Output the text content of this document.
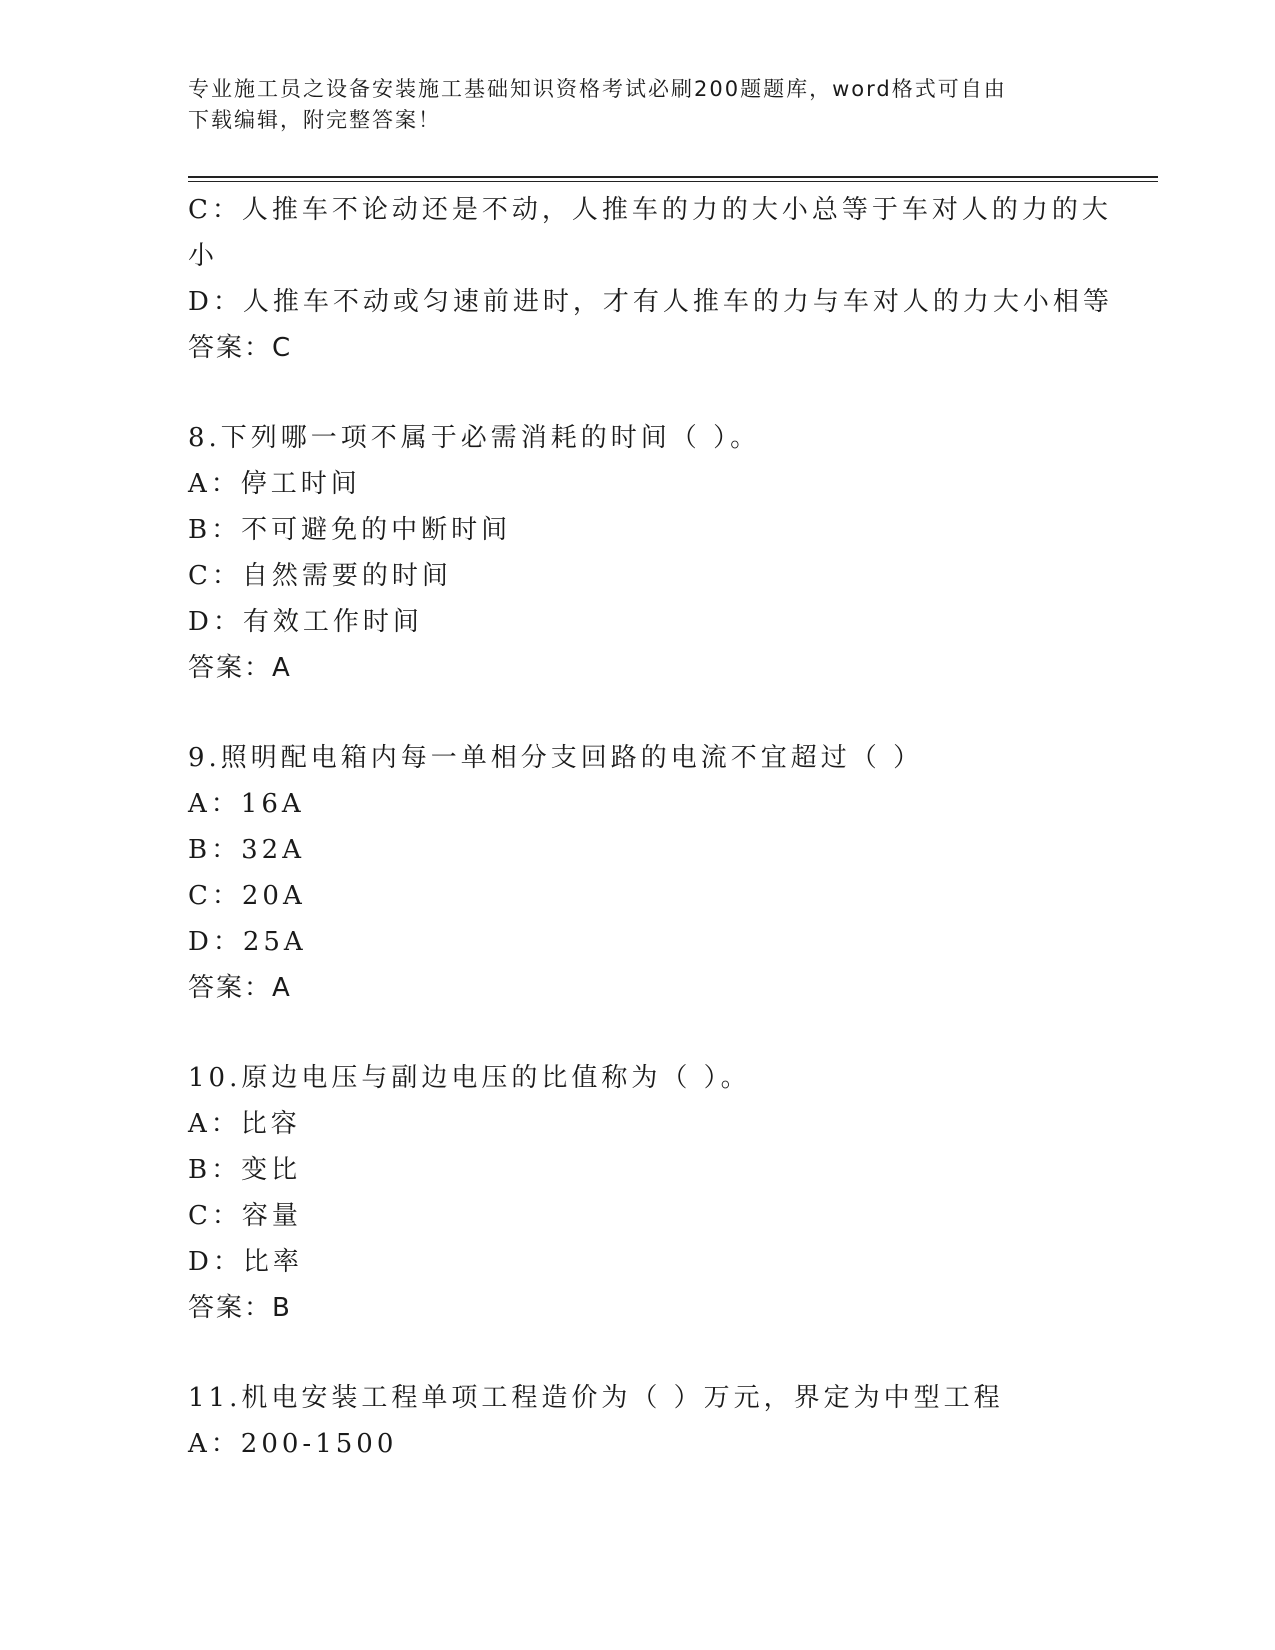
专业施工员之设备安装施工基础知识资格考试必刷200题题库，word格式可自由
下载编辑，附完整答案！
C：人推车不论动还是不动，人推车的力的大小总等于车对人的力的大
小
D：人推车不动或匀速前进时，才有人推车的力与车对人的力大小相等
答案：C
8.下列哪一项不属于必需消耗的时间（ ）。
A：停工时间
B：不可避免的中断时间
C：自然需要的时间
D：有效工作时间
答案：A
9.照明配电箱内每一单相分支回路的电流不宜超过（ ）
A：16A
B：32A
C：20A
D：25A
答案：A
10.原边电压与副边电压的比值称为（ ）。
A：比容
B：变比
C：容量
D：比率
答案：B
11.机电安装工程单项工程造价为（ ）万元，界定为中型工程
A：200-1500
